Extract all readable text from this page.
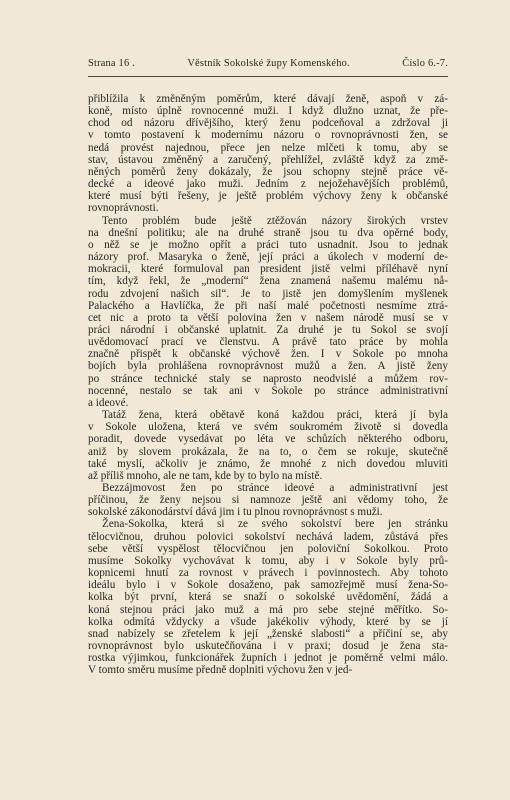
Strana 16 .	Věstník Sokolské župy Komenského.	Číslo 6.-7.
přiblížila k změněným poměrům, které dávají ženě, aspoň v zá-
koně, místo úplně rovnocenné muži. I když dlužno uznat, že pře-
chod od názoru dřívějšího, který ženu podceňoval a zdržoval ji
v tomto postavení k modernímu názoru o rovnoprávnosti žen, se
nedá provést najednou, přece jen nelze mlčeti k tomu, aby se
stav, ústavou změněný a zaručený, přehlížel, zvláště když za změ-
něných poměrů ženy dokázaly, že jsou schopny stejně práce vě-
decké a ideové jako muži. Jedním z nejožehavějších problémů,
které musí býti řešeny, je ještě problém výchovy ženy k občanské
rovnoprávnosti.
Tento problém bude ještě ztěžován názory širokých vrstev
na dnešní politiku; ale na druhé straně jsou tu dva opěrné body,
o něž se je možno opřít a práci tuto usnadnit. Jsou to jednak
názory prof. Masaryka o ženě, její práci a úkolech v moderní de-
mokracii, které formuloval pan president jistě velmi příléhavě nyní
tím, když řekl, že „moderní“ žena znamená našemu malému nå-
rodu zdvojení našich sil“. Je to jistě jen domyšlením myšlenek
Palackého a Havlíčka, že při naší malé početnosti nesmíme ztrá-
cet nic a proto ta větší polovina žen v našem národě musí se v
práci národní i občanské uplatnit. Za druhé je tu Sokol se svojí
uvědomovací prací ve členstvu. A právě tato práce by mohla
značně přispět k občanské výchově žen. I v Sokole po mnoha
bojích byla prohlášena rovnoprávnost mužů a žen. A jistě ženy
po stránce technické staly se naprosto neodvislé a můžem rov-
nocenné, nestalo se tak ani v Sokole po stránce administrativní
a ideové.
Tatáž žena, která obětavě koná každou práci, která jí byla
v Sokole uložena, která ve svém soukromém životě si dovedla
poradit, dovede vysedávat po léta ve schůzích některého odboru,
aniž by slovem prokázala, že na to, o čem se rokuje, skutečně
také myslí, ačkoliv je známo, že mnohé z nich dovedou mluviti
až příliš mnoho, ale ne tam, kde by to bylo na místě.
Bezzájmovost žen po stránce ideové a administrativní jest
příčinou, že ženy nejsou si namnoze ještě ani vědomy toho, že
sokolské zákonodárství dává jim i tu plnou rovnoprávnost s muži.
Žena-Sokolka, která si ze svého sokolství bere jen stránku
tělocvičnou, druhou polovici sokolství nechává ladem, zůstává přes
sebe větší vyspělost tělocvičnou jen poloviční Sokolkou. Proto
musíme Sokolky vychovávat k tomu, aby i v Sokole byly prů-
kopnicemi hnutí za rovnost v právech i povinnostech. Aby tohoto
ideálu bylo i v Sokole dosaženo, pak samozřejmě musí žena-So-
kolka být první, která se snaží o sokolské uvědomění, žádá a
koná stejnou práci jako muž a má pro sebe stejné měřítko. So-
kolka odmítá vždycky a všude jakékoliv výhody, které by se jí
snad nabízely se zřetelem k její „ženské slabosti“ a příčiní se, aby
rovnoprávnost bylo uskutečňována i v praxi; dosud je žena sta-
rostka výjimkou, funkcionářek župních i jednot je poměrně velmi málo.
V tomto směru musíme předně doplniti výchovu žen v jed-
